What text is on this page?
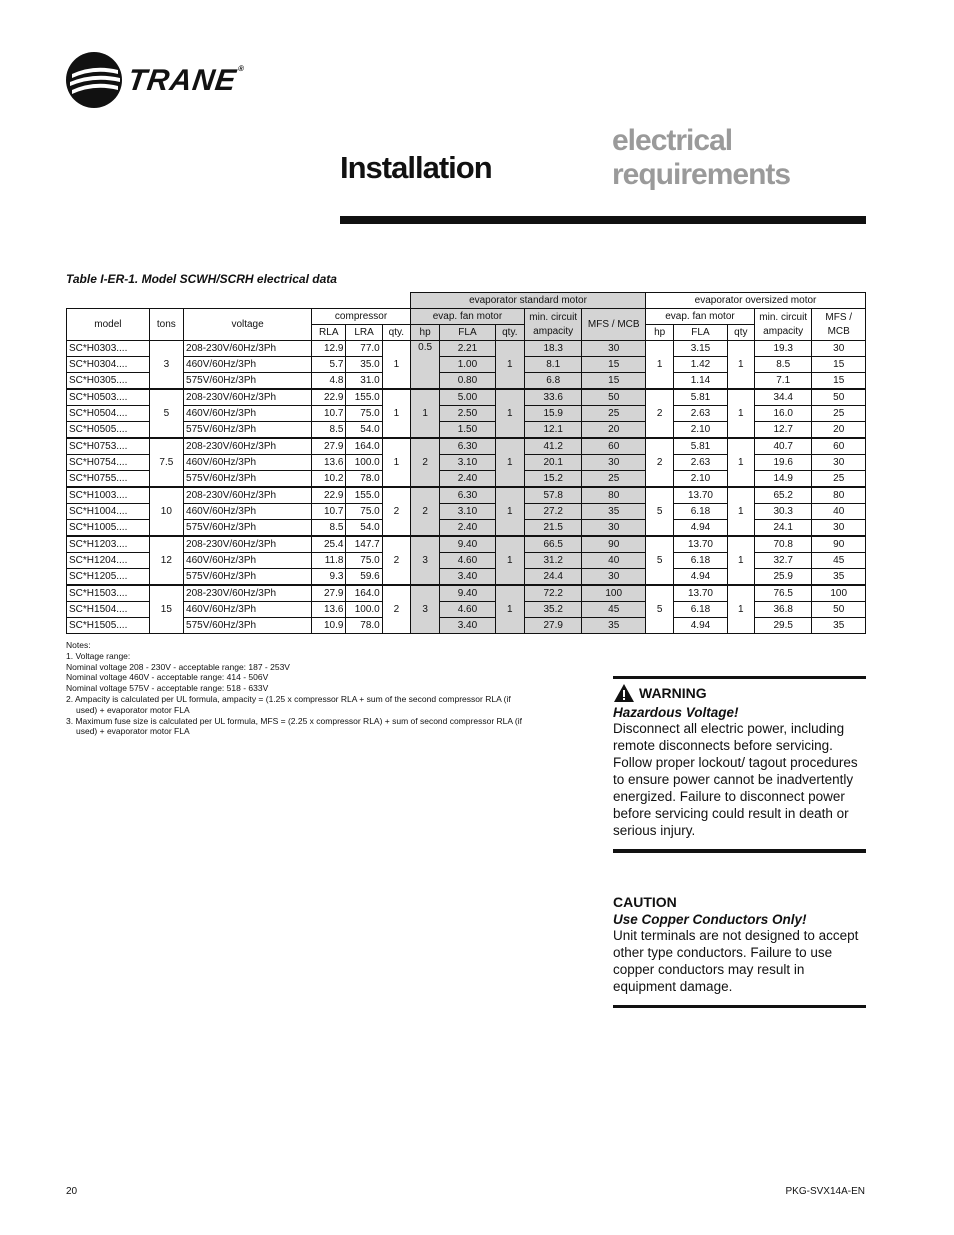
TRANE®
Installation
electrical
requirements
Table I-ER-1. Model SCWH/SCRH electrical data
						evaporator standard motor					evaporator oversized motor				
model	tons	voltage	compressor			evap. fan motor			min. circuit ampacity	MFS / MCB	evap. fan motor			min. circuit ampacity	MFS / MCB
			RLA	LRA	qty.	hp	FLA	qty.			hp	FLA	qty		
SC*H0303....	3	208-230V/60Hz/3Ph	12.9	77.0	1	0.5	2.21	1	18.3	30	1	3.15	1	19.3	30
SC*H0304....		460V/60Hz/3Ph	5.7	35.0			1.00		8.1	15		1.42		8.5	15
SC*H0305....		575V/60Hz/3Ph	4.8	31.0			0.80		6.8	15		1.14		7.1	15
SC*H0503....	5	208-230V/60Hz/3Ph	22.9	155.0	1	1	5.00	1	33.6	50	2	5.81	1	34.4	50
SC*H0504....		460V/60Hz/3Ph	10.7	75.0			2.50		15.9	25		2.63		16.0	25
SC*H0505....		575V/60Hz/3Ph	8.5	54.0			1.50		12.1	20		2.10		12.7	20
SC*H0753....	7.5	208-230V/60Hz/3Ph	27.9	164.0	1	2	6.30	1	41.2	60	2	5.81	1	40.7	60
SC*H0754....		460V/60Hz/3Ph	13.6	100.0			3.10		20.1	30		2.63		19.6	30
SC*H0755....		575V/60Hz/3Ph	10.2	78.0			2.40		15.2	25		2.10		14.9	25
SC*H1003....	10	208-230V/60Hz/3Ph	22.9	155.0	2	2	6.30	1	57.8	80	5	13.70	1	65.2	80
SC*H1004....		460V/60Hz/3Ph	10.7	75.0			3.10		27.2	35		6.18		30.3	40
SC*H1005....		575V/60Hz/3Ph	8.5	54.0			2.40		21.5	30		4.94		24.1	30
SC*H1203....	12	208-230V/60Hz/3Ph	25.4	147.7	2	3	9.40	1	66.5	90	5	13.70	1	70.8	90
SC*H1204....		460V/60Hz/3Ph	11.8	75.0			4.60		31.2	40		6.18		32.7	45
SC*H1205....		575V/60Hz/3Ph	9.3	59.6			3.40		24.4	30		4.94		25.9	35
SC*H1503....	15	208-230V/60Hz/3Ph	27.9	164.0	2	3	9.40	1	72.2	100	5	13.70	1	76.5	100
SC*H1504....		460V/60Hz/3Ph	13.6	100.0			4.60		35.2	45		6.18		36.8	50
SC*H1505....		575V/60Hz/3Ph	10.9	78.0			3.40		27.9	35		4.94		29.5	35
Notes:
1. Voltage range:
Nominal voltage 208 - 230V - acceptable range: 187 - 253V
Nominal voltage 460V - acceptable range: 414 - 506V
Nominal voltage 575V - acceptable range: 518 - 633V
2. Ampacity is calculated per UL formula, ampacity = (1.25 x compressor RLA + sum of the second compressor RLA (if
used) + evaporator motor FLA
3. Maximum fuse size is calculated per UL formula, MFS = (2.25 x compressor RLA) + sum of second compressor RLA (if
used) + evaporator motor FLA
WARNING
Hazardous Voltage!
Disconnect all electric power, including remote disconnects before servicing. Follow proper lockout/ tagout procedures to ensure power cannot be inadvertently energized. Failure to disconnect power before servicing could result in death or serious injury.
CAUTION
Use Copper Conductors Only!
Unit terminals are not designed to accept other type conductors. Failure to use copper conductors may result in equipment damage.
20	PKG-SVX14A-EN
